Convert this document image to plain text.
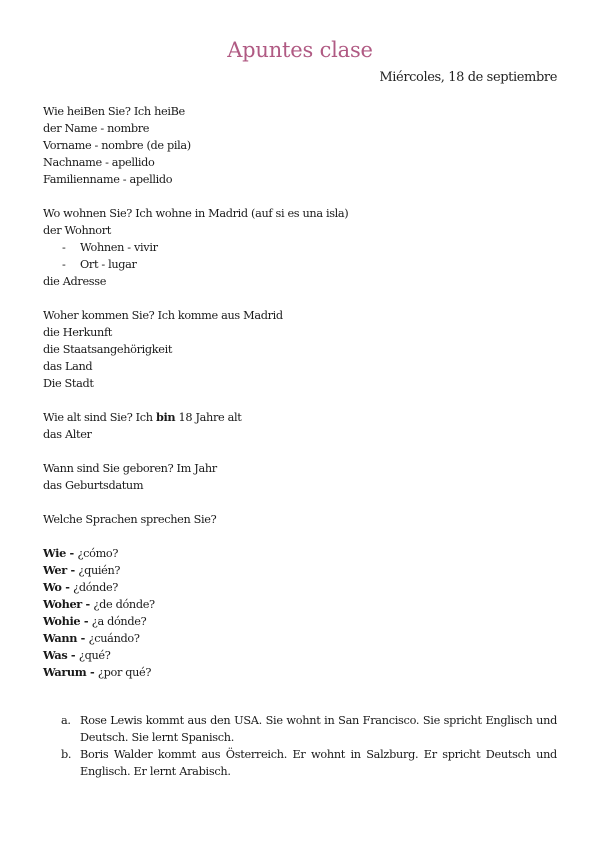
Apuntes clase
Miércoles, 18 de septiembre
Wie heiBen Sie? Ich heiBe
der Name - nombre
Vorname - nombre (de pila)
Nachname - apellido
Familienname - apellido
Wo wohnen Sie? Ich wohne in Madrid (auf si es una isla)
der Wohnort
- Wohnen - vivir
- Ort - lugar
die Adresse
Woher kommen Sie? Ich komme aus Madrid
die Herkunft
die Staatsangehörigkeit
das Land
Die Stadt
Wie alt sind Sie? Ich bin 18 Jahre alt
das Alter
Wann sind Sie geboren? Im Jahr
das Geburtsdatum
Welche Sprachen sprechen Sie?
Wie - ¿cómo?
Wer - ¿quién?
Wo - ¿dónde?
Woher - ¿de dónde?
Wohie - ¿a dónde?
Wann - ¿cuándo?
Was - ¿qué?
Warum - ¿por qué?
a. Rose Lewis kommt aus den USA. Sie wohnt in San Francisco. Sie spricht Englisch und Deutsch. Sie lernt Spanisch.
b. Boris Walder kommt aus Österreich. Er wohnt in Salzburg. Er spricht Deutsch und Englisch. Er lernt Arabisch.
